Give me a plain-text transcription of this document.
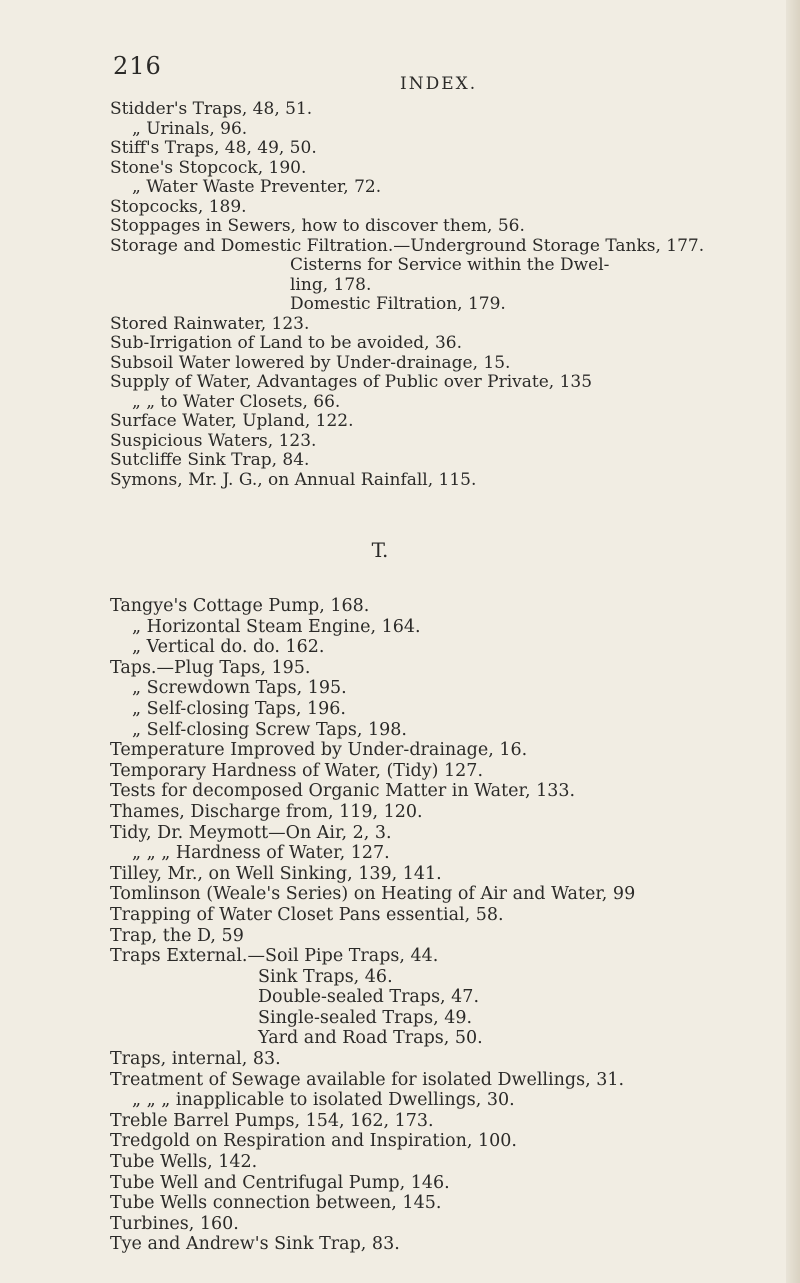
216
INDEX.
Stidder's Traps, 48, 51.
„ Urinals, 96.
Stiff's Traps, 48, 49, 50.
Stone's Stopcock, 190.
„ Water Waste Preventer, 72.
Stopcocks, 189.
Stoppages in Sewers, how to discover them, 56.
Storage and Domestic Filtration.—Underground Storage Tanks, 177.
Cisterns for Service within the Dwel-
ling, 178.
Domestic Filtration, 179.
Stored Rainwater, 123.
Sub-Irrigation of Land to be avoided, 36.
Subsoil Water lowered by Under-drainage, 15.
Supply of Water, Advantages of Public over Private, 135
„ „ to Water Closets, 66.
Surface Water, Upland, 122.
Suspicious Waters, 123.
Sutcliffe Sink Trap, 84.
Symons, Mr. J. G., on Annual Rainfall, 115.
T.
Tangye's Cottage Pump, 168.
„ Horizontal Steam Engine, 164.
„ Vertical do. do. 162.
Taps.—Plug Taps, 195.
„ Screwdown Taps, 195.
„ Self-closing Taps, 196.
„ Self-closing Screw Taps, 198.
Temperature Improved by Under-drainage, 16.
Temporary Hardness of Water, (Tidy) 127.
Tests for decomposed Organic Matter in Water, 133.
Thames, Discharge from, 119, 120.
Tidy, Dr. Meymott—On Air, 2, 3.
„ „ „ Hardness of Water, 127.
Tilley, Mr., on Well Sinking, 139, 141.
Tomlinson (Weale's Series) on Heating of Air and Water, 99
Trapping of Water Closet Pans essential, 58.
Trap, the D, 59
Traps External.—Soil Pipe Traps, 44.
Sink Traps, 46.
Double-sealed Traps, 47.
Single-sealed Traps, 49.
Yard and Road Traps, 50.
Traps, internal, 83.
Treatment of Sewage available for isolated Dwellings, 31.
„ „ „ inapplicable to isolated Dwellings, 30.
Treble Barrel Pumps, 154, 162, 173.
Tredgold on Respiration and Inspiration, 100.
Tube Wells, 142.
Tube Well and Centrifugal Pump, 146.
Tube Wells connection between, 145.
Turbines, 160.
Tye and Andrew's Sink Trap, 83.
